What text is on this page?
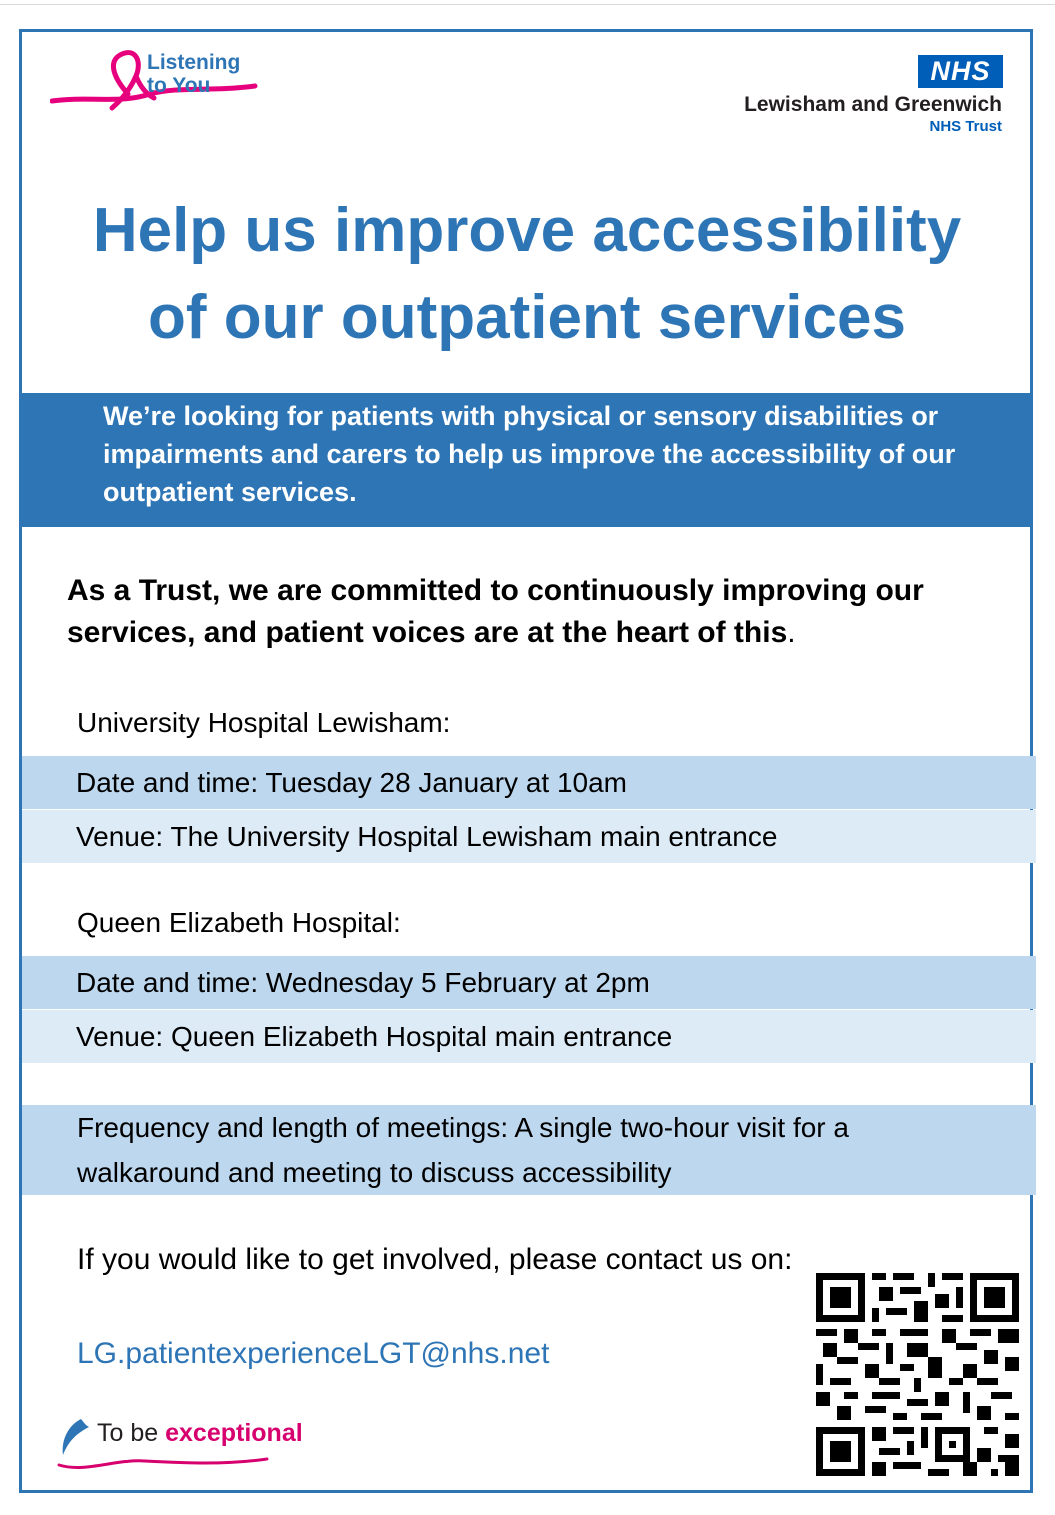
Listening
to You	NHS
Lewisham and Greenwich
NHS Trust
Help us improve accessibility
of our outpatient services
We’re looking for patients with physical or sensory disabilities or impairments and carers to help us improve the accessibility of our outpatient services.
As a Trust, we are committed to continuously improving our services, and patient voices are at the heart of this.
University Hospital Lewisham:
Date and time: Tuesday 28 January at 10am
Venue: The University Hospital Lewisham main entrance
Queen Elizabeth Hospital:
Date and time: Wednesday 5 February at 2pm
Venue: Queen Elizabeth Hospital main entrance
Frequency and length of meetings: A single two-hour visit for a
walkaround and meeting to discuss accessibility
If you would like to get involved, please contact us on:
LG.patientexperienceLGT@nhs.net
To be exceptional
